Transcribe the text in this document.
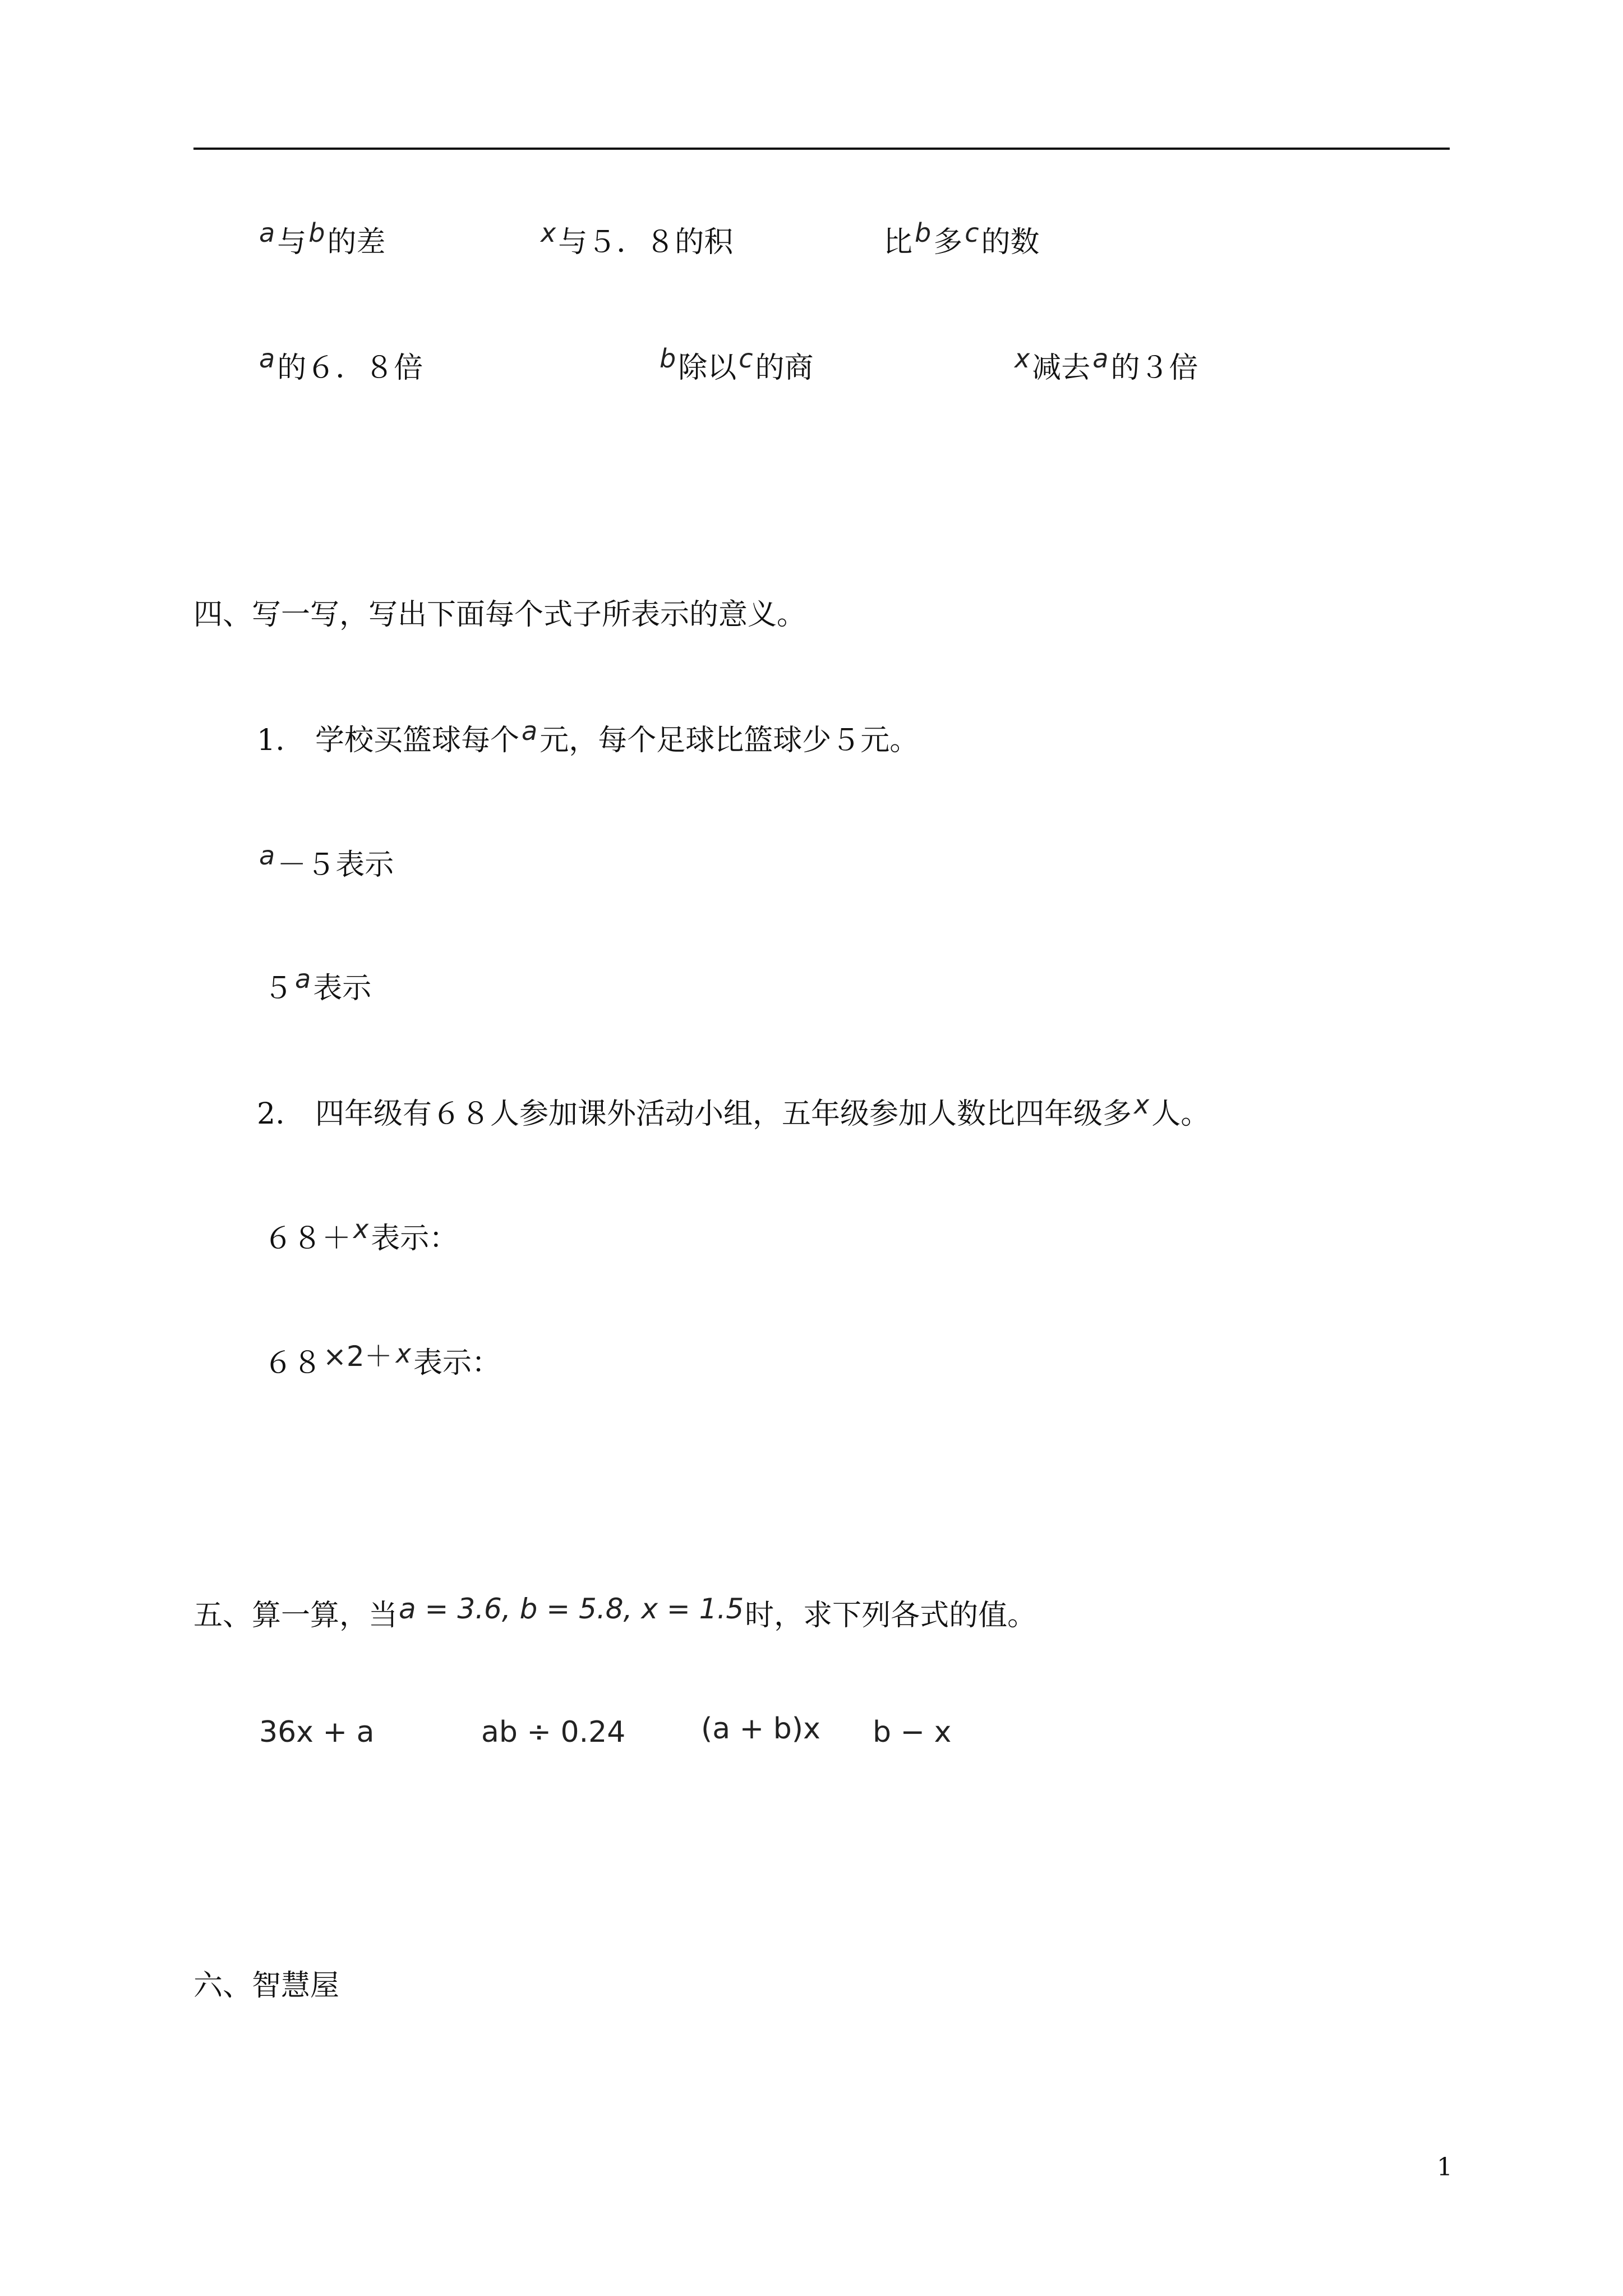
a与b的差	x与５．８的积	比b多c的数
a的６．８倍	b除以c的商	x减去a的３倍
四、写一写，写出下面每个式子所表示的意义。
1. 学校买篮球每个a元，每个足球比篮球少５元。
a－５表示
５a表示
2. 四年级有６８人参加课外活动小组，五年级参加人数比四年级多x人。
６８＋x表示：
６８×2＋ x表示：
五、算一算，当a = 3.6, b = 5.8, x = 1.5时，求下列各式的值。
36x + a	ab ÷ 0.24	(a + b)x b − x
六、智慧屋
1
